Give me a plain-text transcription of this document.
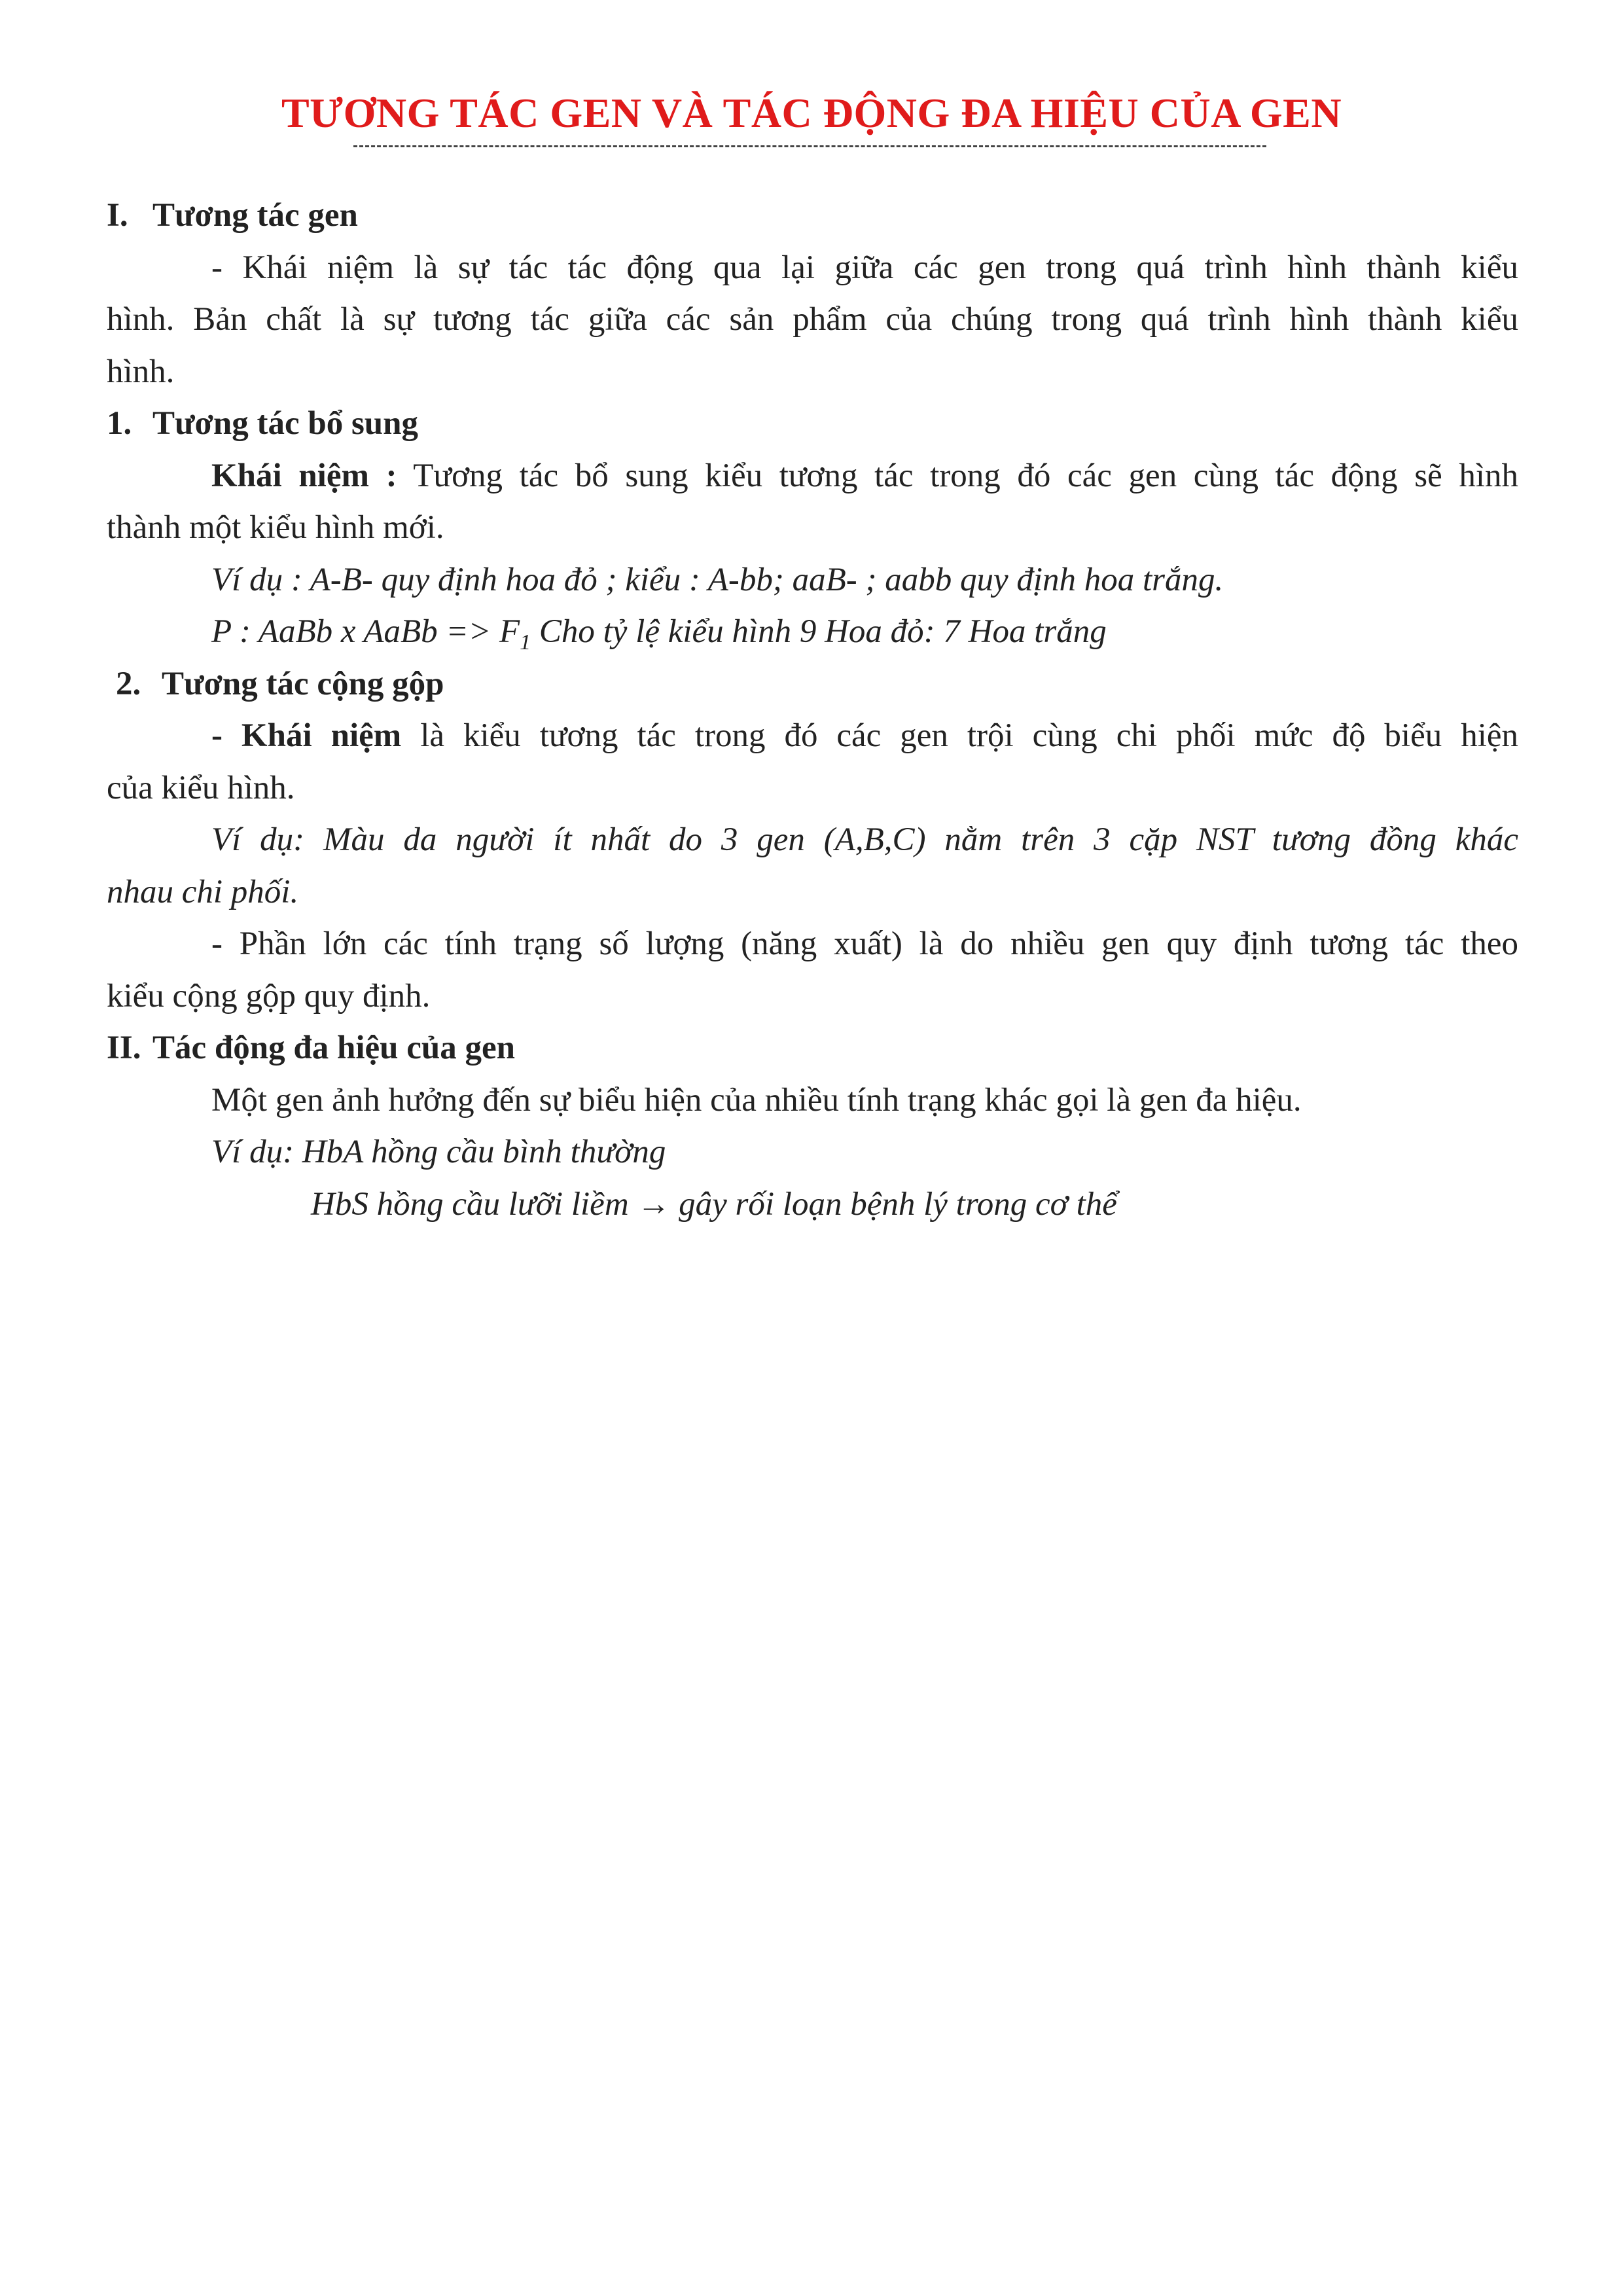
TƯƠNG TÁC GEN VÀ TÁC ĐỘNG ĐA HIỆU CỦA GEN
I. Tương tác gen
- Khái niệm là sự tác tác động qua lại giữa các gen trong quá trình hình thành kiểu
hình. Bản chất là sự tương tác giữa các sản phẩm của chúng trong quá trình hình thành kiểu
hình.
1. Tương tác bổ sung
Khái niệm : Tương tác bổ sung kiểu tương tác trong đó các gen cùng tác động sẽ hình
thành một kiểu hình mới.
Ví dụ : A-B- quy định hoa đỏ ; kiểu : A-bb; aaB- ; aabb quy định hoa trắng.
P : AaBb x AaBb => $F_1$ Cho tỷ lệ kiểu hình 9 Hoa đỏ: 7 Hoa trắng
2. Tương tác cộng gộp
- Khái niệm là kiểu tương tác trong đó các gen trội cùng chi phối mức độ biểu hiện
của kiểu hình.
Ví dụ: Màu da người ít nhất do 3 gen (A,B,C) nằm trên 3 cặp NST tương đồng khác
nhau chi phối.
- Phần lớn các tính trạng số lượng (năng xuất) là do nhiều gen quy định tương tác theo
kiểu cộng gộp quy định.
II. Tác động đa hiệu của gen
Một gen ảnh hưởng đến sự biểu hiện của nhiều tính trạng khác gọi là gen đa hiệu.
Ví dụ: HbA hồng cầu bình thường
HbS hồng cầu lưỡi liềm → gây rối loạn bệnh lý trong cơ thể
